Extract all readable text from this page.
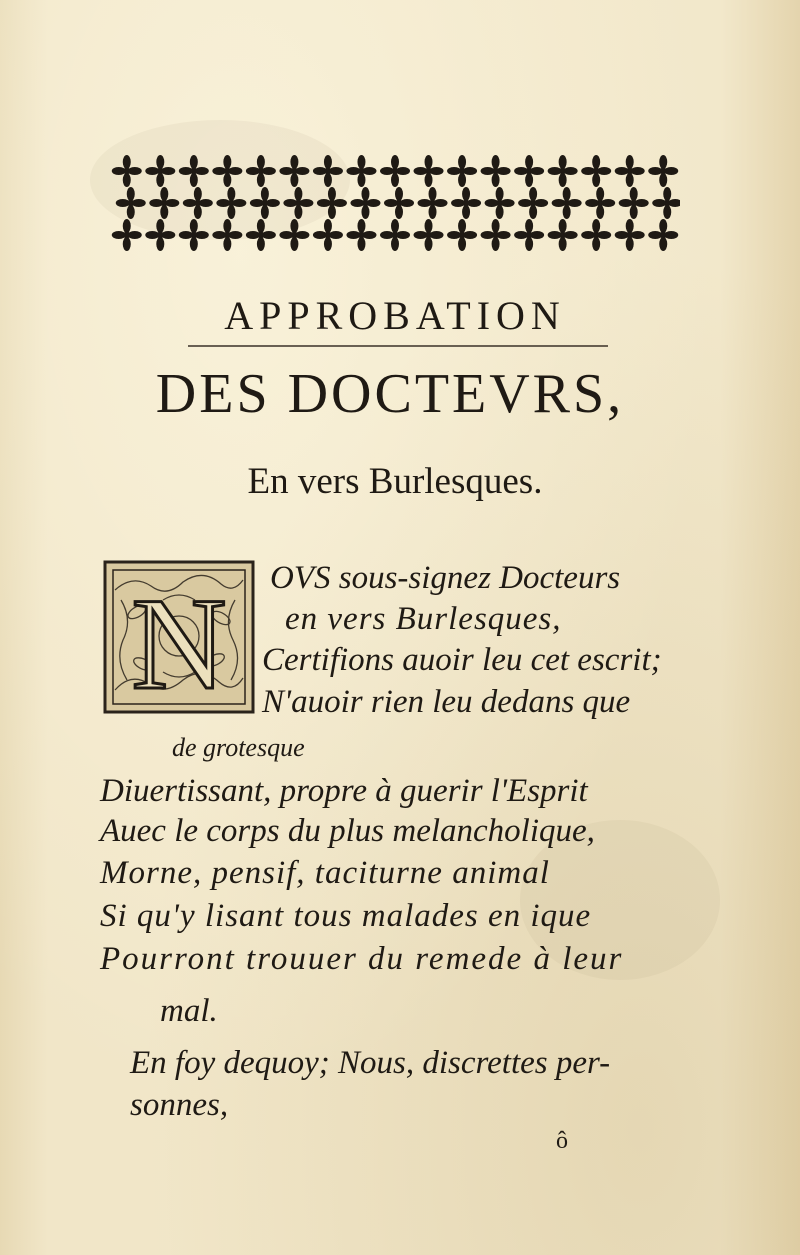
APPROBATION
DES DOCTEVRS,
En vers Burlesques.
N OVS sous-signez Docteurs
en vers Burlesques,
Certifions auoir leu cet escrit;
N'auoir rien leu dedans que
de grotesque
Diuertissant, propre à guerir l'Esprit
Auec le corps du plus melancholique,
Morne, pensif, taciturne animal
Si qu'y lisant tous malades en ique
Pourront trouuer du remede à leur
mal.
En foy dequoy; Nous, discrettes per-
sonnes,
ô
